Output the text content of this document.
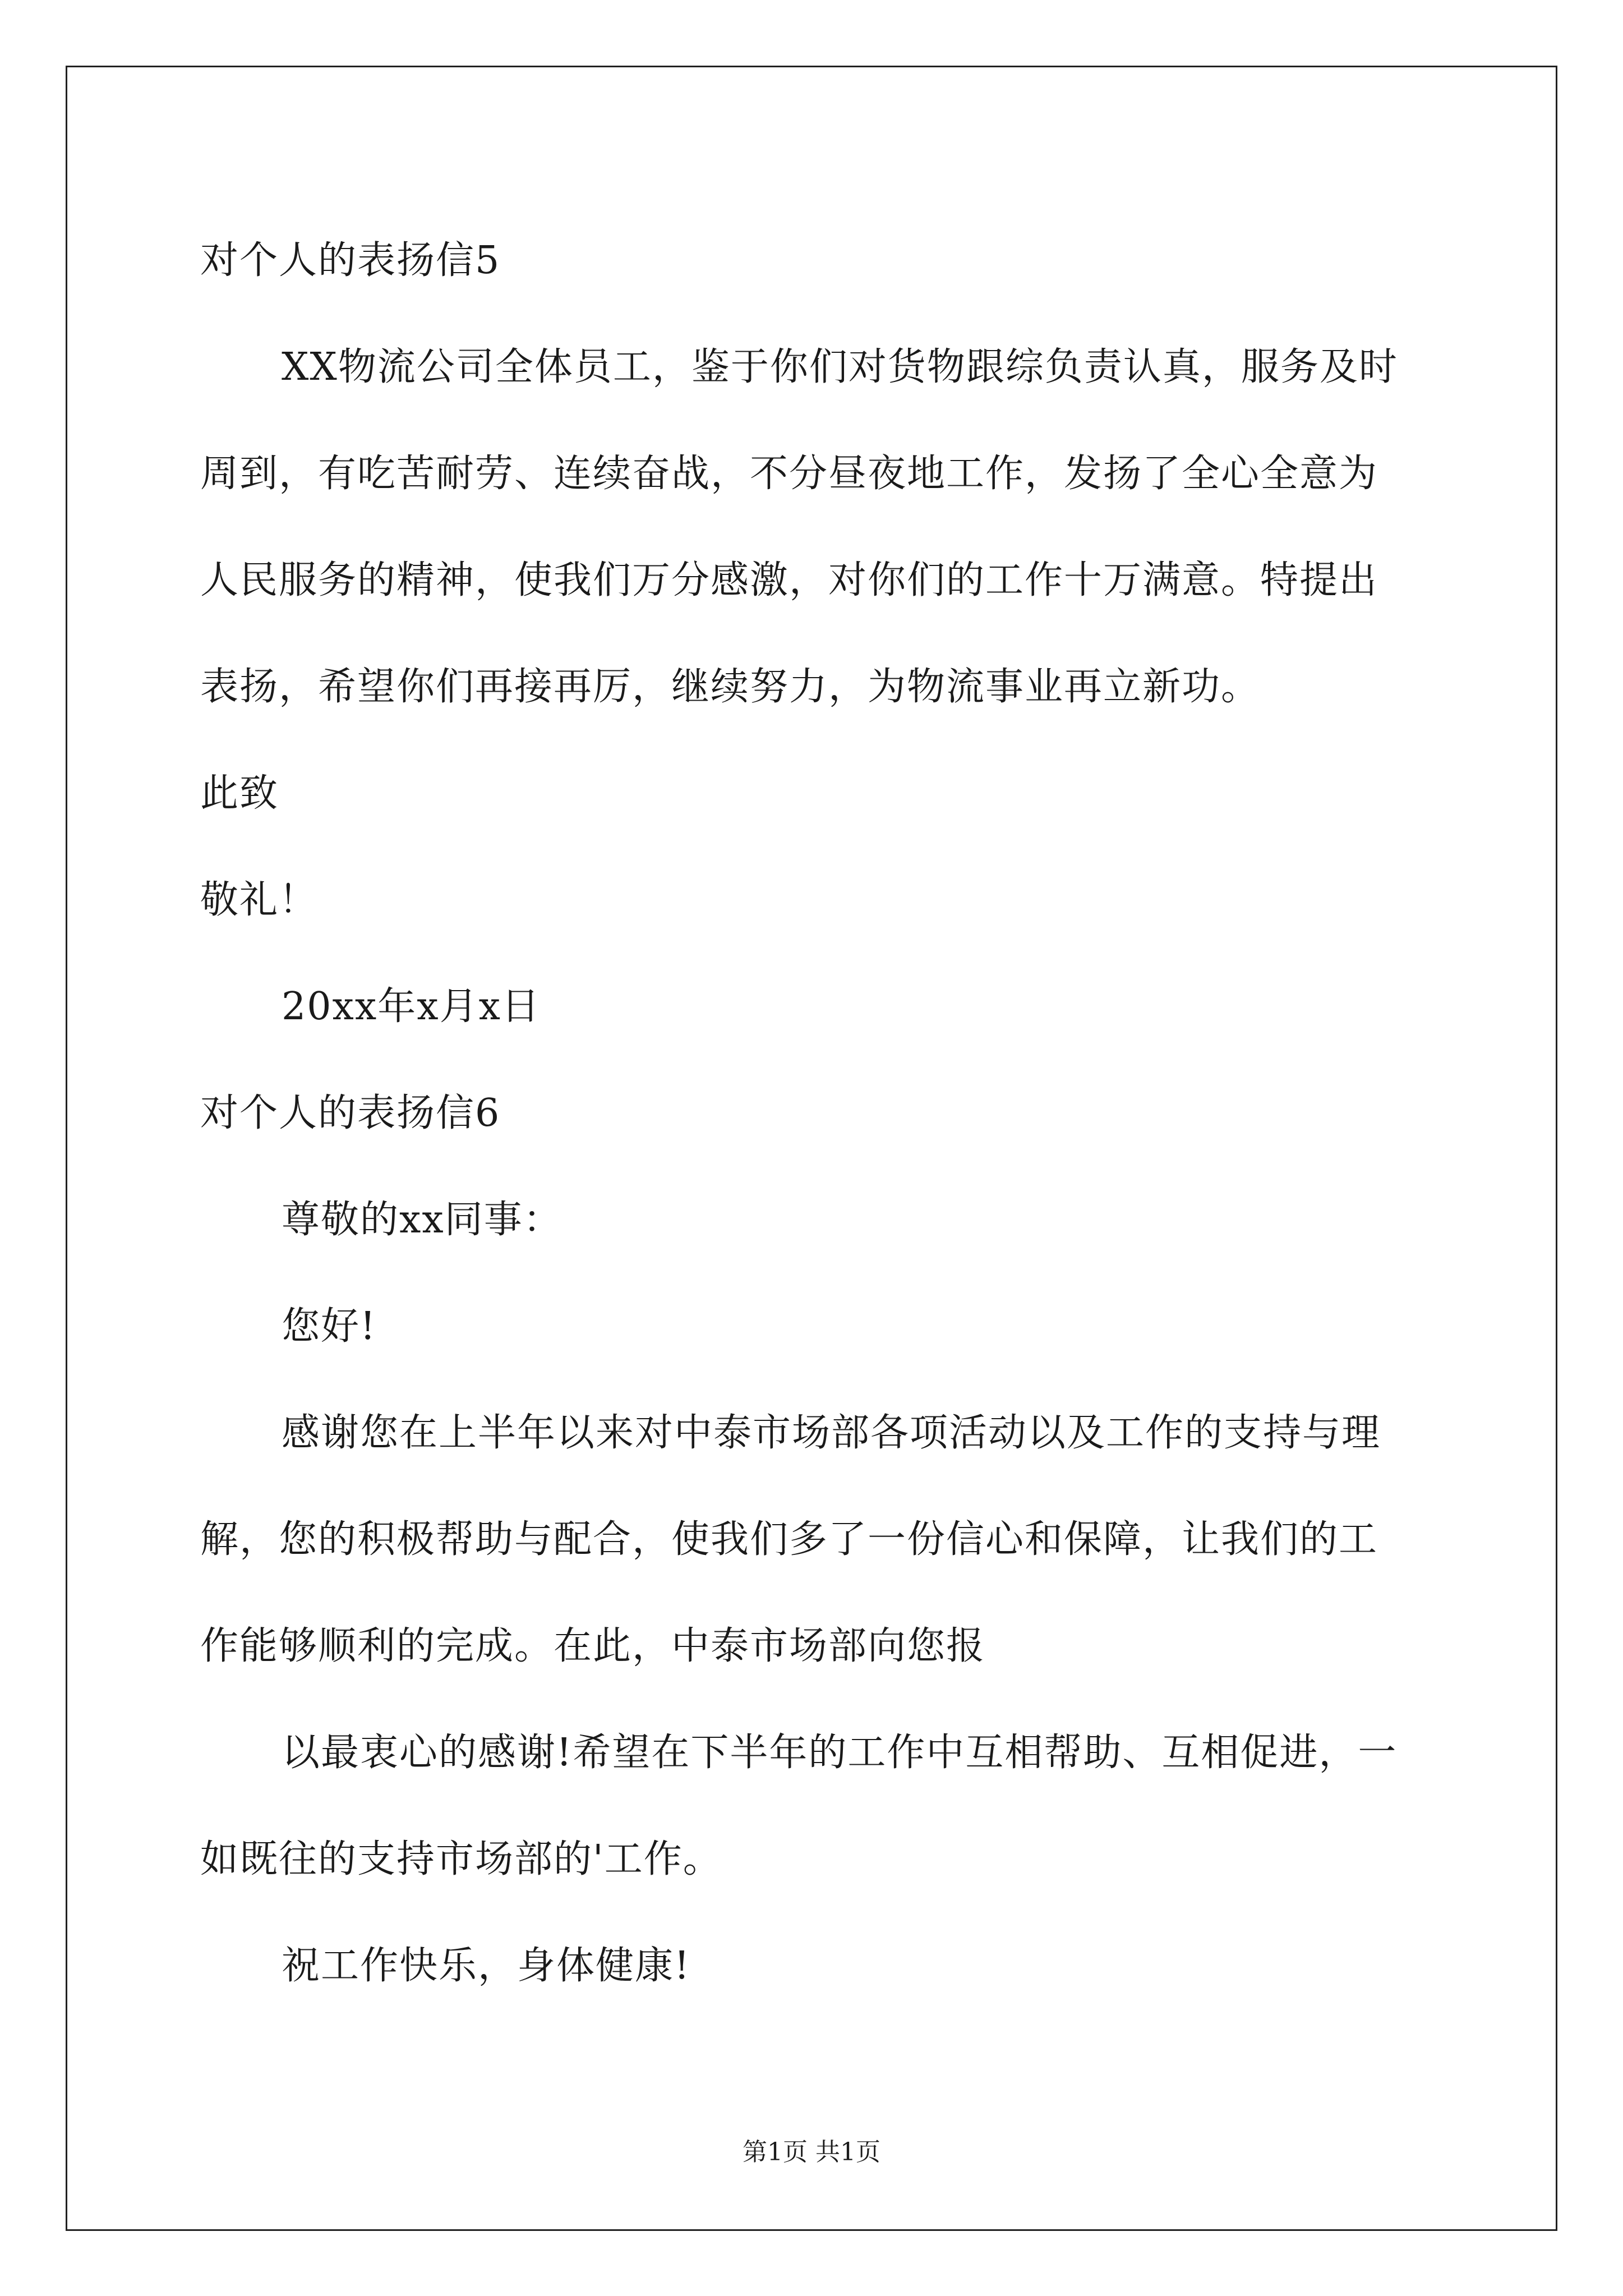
对个人的表扬信5
XX物流公司全体员工，鉴于你们对货物跟综负责认真，服务及时
周到，有吃苦耐劳、连续奋战，不分昼夜地工作，发扬了全心全意为
人民服务的精神，使我们万分感激，对你们的工作十万满意。特提出
表扬，希望你们再接再厉，继续努力，为物流事业再立新功。
此致
敬礼！
20xx年x月x日
对个人的表扬信6
尊敬的xx同事：
您好!
感谢您在上半年以来对中泰市场部各项活动以及工作的支持与理
解，您的积极帮助与配合，使我们多了一份信心和保障，让我们的工
作能够顺利的完成。在此，中泰市场部向您报
以最衷心的感谢!希望在下半年的工作中互相帮助、互相促进，一
如既往的支持市场部的'工作。
祝工作快乐，身体健康!
第1页 共1页
